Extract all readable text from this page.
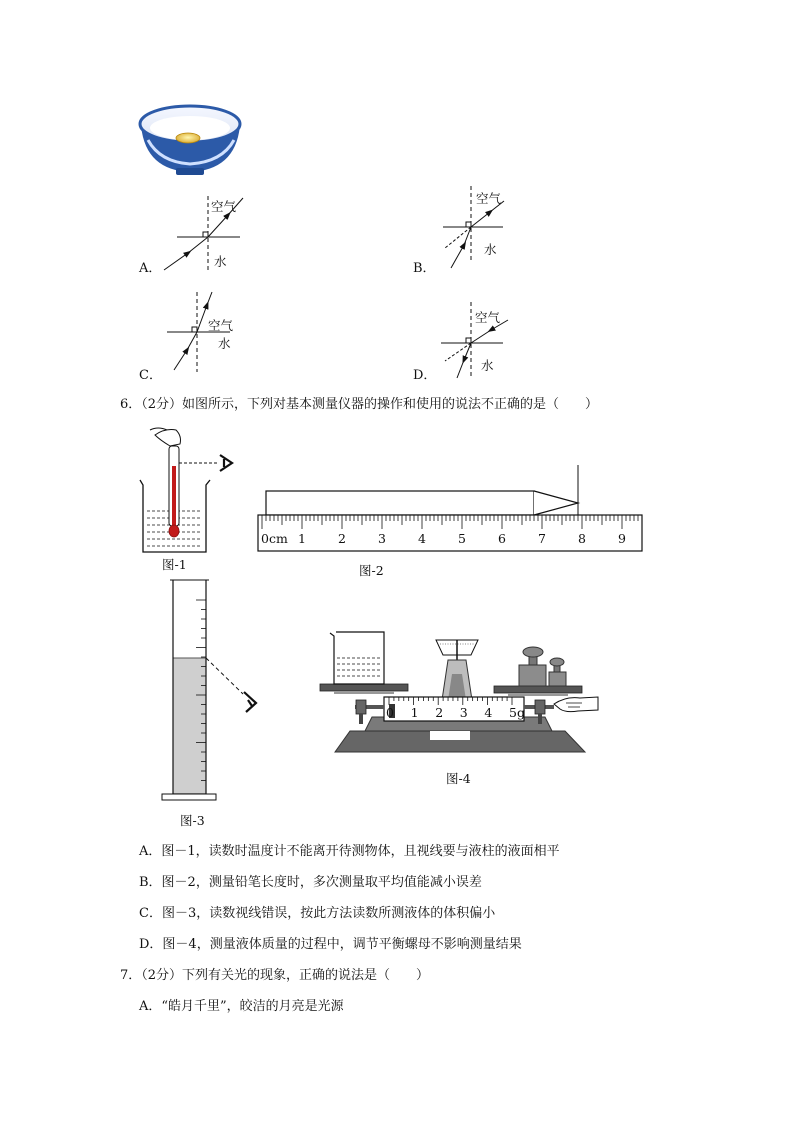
A．
空气
水	B．
空气
水
C．
空气
水
D．
空气
水
6．（2分）如图所示，下列对基本测量仪器的操作和使用的说法不正确的是（　　）
0cm 1	2	3	4	5	6	7	8	9
0 1 2 3 4 5g
图-1	图-2
图-3
图-4
A．图－1，读数时温度计不能离开待测物体，且视线要与液柱的液面相平
B．图－2，测量铅笔长度时，多次测量取平均值能减小误差
C．图－3，读数视线错误，按此方法读数所测液体的体积偏小
D．图－4，测量液体质量的过程中，调节平衡螺母不影响测量结果
7．（2分）下列有关光的现象，正确的说法是（　　）
A．“皓月千里”，皎洁的月亮是光源
